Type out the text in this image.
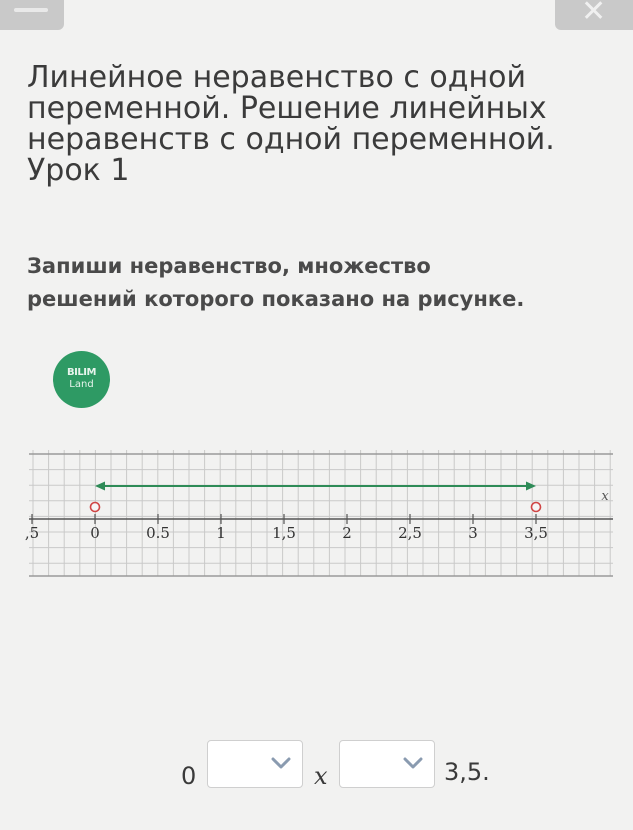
✕
Линейное неравенство с одной
переменной. Решение линейных
неравенств с одной переменной.
Урок 1
Запиши неравенство, множество
решений которого показано на рисунке.
BILIM
Land
,5	0	0.5	1	1,5	2	2,5	3	3,5
x
0	x	3,5.
